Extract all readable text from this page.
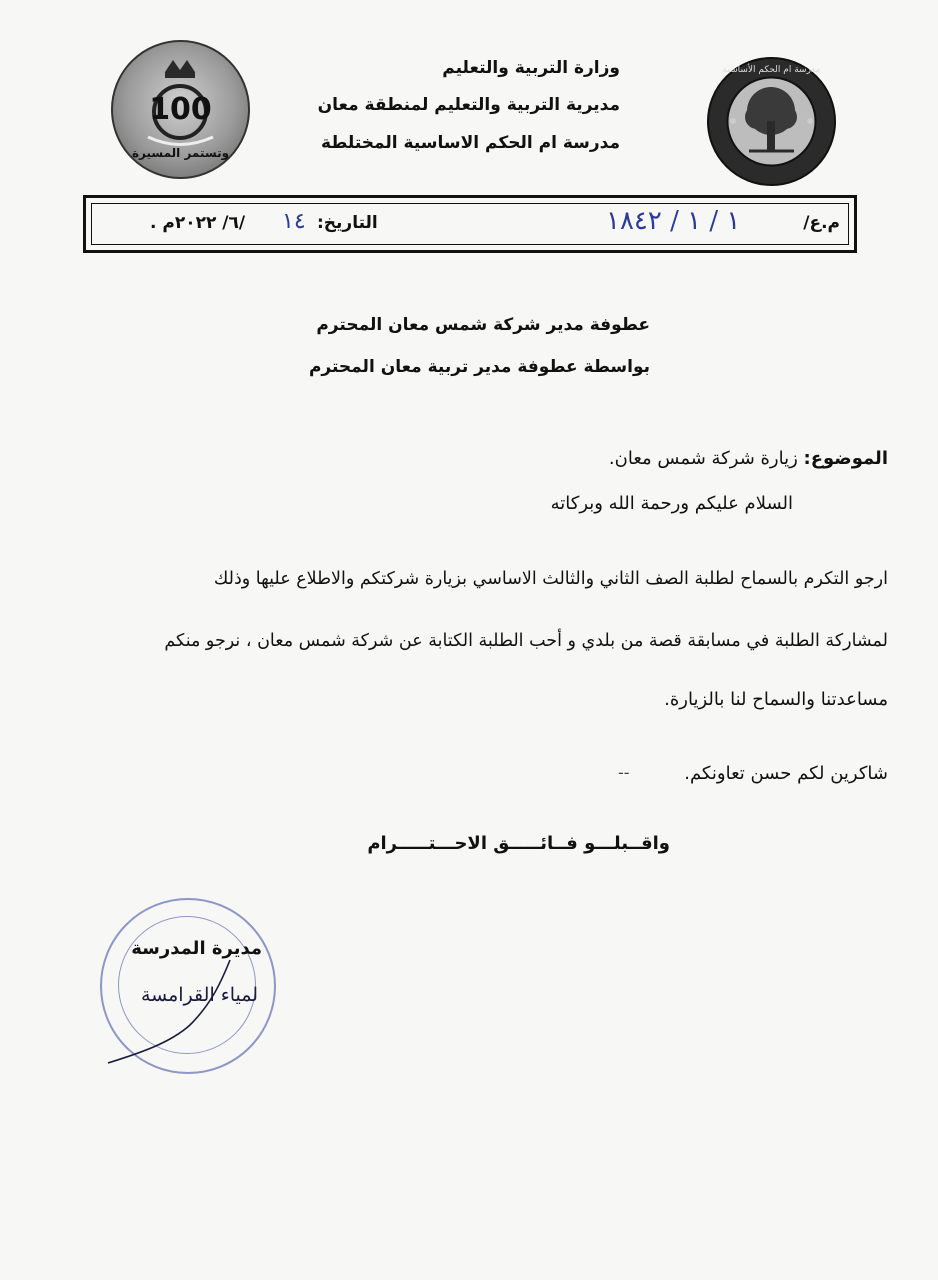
100
وتستمر المسيرة
مدرسة ام الحكم الأساسية
وزارة التربية والتعليم
مديرية التربية والتعليم لمنطقة معان
مدرسة ام الحكم الاساسية المختلطة
م.ع/
١ / ١ / ١٨٤٢
التاريخ:
١٤
/٦/ ٢٠٢٢م .
عطوفة مدير شركة شمس معان المحترم
بواسطة عطوفة مدير تربية معان المحترم
الموضوع: زيارة شركة شمس معان.
السلام عليكم ورحمة الله وبركاته
ارجو التكرم بالسماح لطلبة الصف الثاني والثالث الاساسي بزيارة شركتكم والاطلاع عليها وذلك
لمشاركة الطلبة في مسابقة قصة من بلدي و أحب الطلبة الكتابة عن شركة شمس معان ، نرجو منكم
مساعدتنا والسماح لنا بالزيارة.
شاكرين لكم حسن تعاونكم.
--
واقــبلـــو فــائـــــق الاحـــتـــــرام
مديرة المدرسة
لمياء القرامسة
